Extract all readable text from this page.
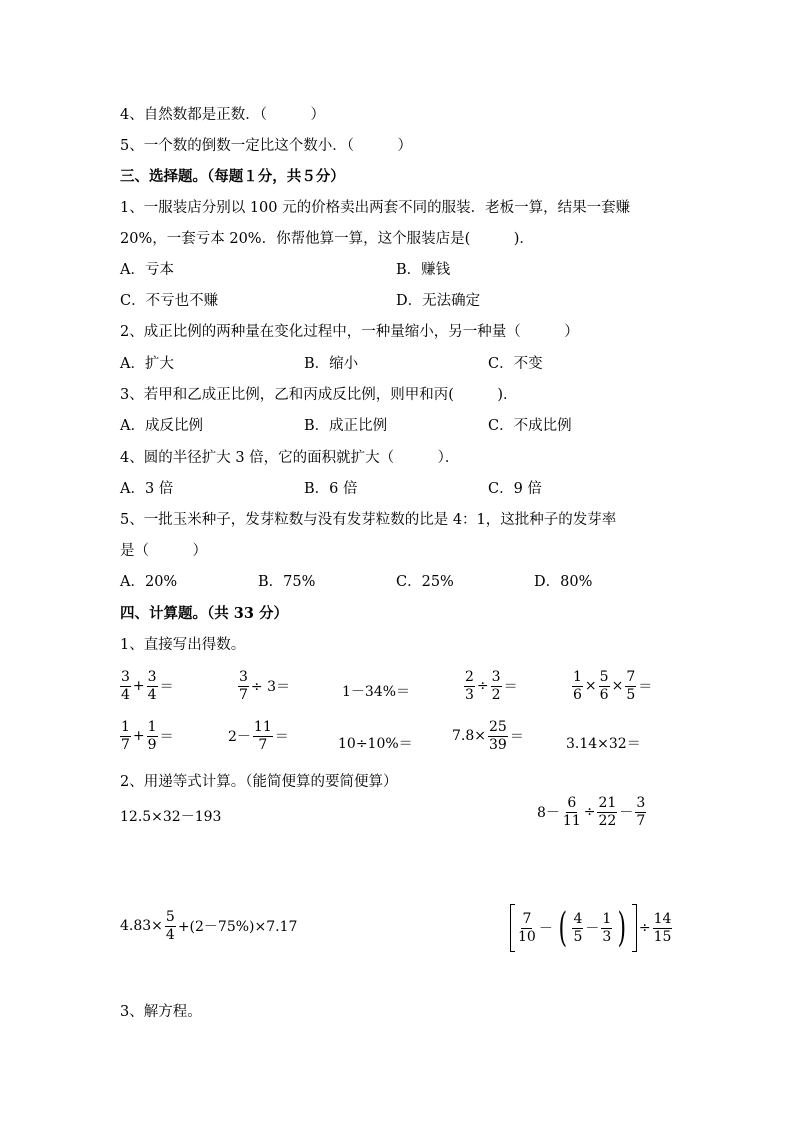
4、自然数都是正数．（　　　）
5、一个数的倒数一定比这个数小．（　　　）
三、选择题。（每题１分，共５分）
1、一服装店分别以 100 元的价格卖出两套不同的服装．老板一算，结果一套赚
20%，一套亏本 20%．你帮他算一算，这个服装店是(　　　)．
A．亏本	B．赚钱
C．不亏也不赚	D．无法确定
2、成正比例的两种量在变化过程中，一种量缩小，另一种量（　　　）
A．扩大	B．缩小	C．不变
3、若甲和乙成正比例，乙和丙成反比例，则甲和丙(　　　)．
A．成反比例	B．成正比例	C．不成比例
4、圆的半径扩大 3 倍，它的面积就扩大（　　　）．
A．3 倍	B．6 倍	C．9 倍
5、一批玉米种子，发芽粒数与没有发芽粒数的比是 4：1，这批种子的发芽率
是（　　　）
A．20%	B．75%	C．25%	D．80%
四、计算题。（共 33 分）
1、直接写出得数。
$\frac{3}{4} + \frac{3}{4}$ ＝	$\frac{3}{7} \div 3=$	1－34%＝	$\frac{2}{3} \div \frac{3}{2}$ ＝	$\frac{1}{6} \times \frac{5}{6} \times \frac{7}{5}$ ＝
$\frac{1}{7} + \frac{1}{9}$ ＝	$2- \frac{11}{7}$ ＝	10÷10%＝	$7.8\times \frac{25}{39}$ ＝	3.14×32＝
2、用递等式计算。（能简便算的要简便算）
12.5×32－193	$8- \frac{6}{11} \div \frac{21}{22} - \frac{3}{7}$
$4.83\times \frac{5}{4} +(2-75\%)\times 7.17$	$\frac{7}{10}$ － ( $\frac{4}{5} - \frac{1}{3}$ ) ÷ $\frac{14}{15}$
3、解方程。
